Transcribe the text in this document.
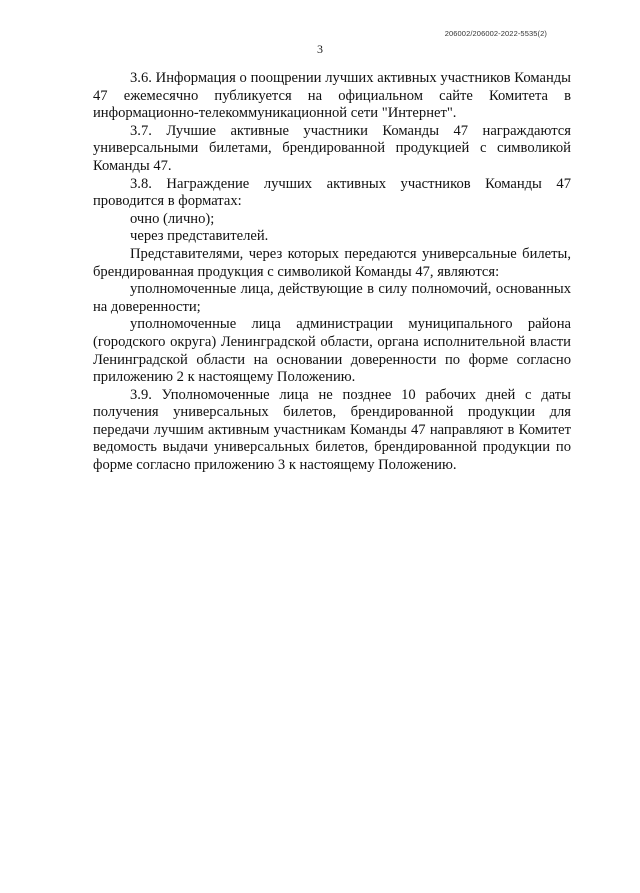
206002/206002-2022-5535(2)
3

3.6. Информация о поощрении лучших активных участников Команды 47 ежемесячно публикуется на официальном сайте Комитета в информационно-телекоммуникационной сети "Интернет".

3.7. Лучшие активные участники Команды 47 награждаются универсальными билетами, брендированной продукцией с символикой Команды 47.

3.8. Награждение лучших активных участников Команды 47 проводится в форматах:

очно (лично);

через представителей.

Представителями, через которых передаются универсальные билеты, брендированная продукция с символикой Команды 47, являются:

уполномоченные лица, действующие в силу полномочий, основанных на доверенности;

уполномоченные лица администрации муниципального района (городского округа) Ленинградской области, органа исполнительной власти Ленинградской области на основании доверенности по форме согласно приложению 2 к настоящему Положению.

3.9. Уполномоченные лица не позднее 10 рабочих дней с даты получения универсальных билетов, брендированной продукции для передачи лучшим активным участникам Команды 47 направляют в Комитет ведомость выдачи универсальных билетов, брендированной продукции по форме согласно приложению 3 к настоящему Положению.
